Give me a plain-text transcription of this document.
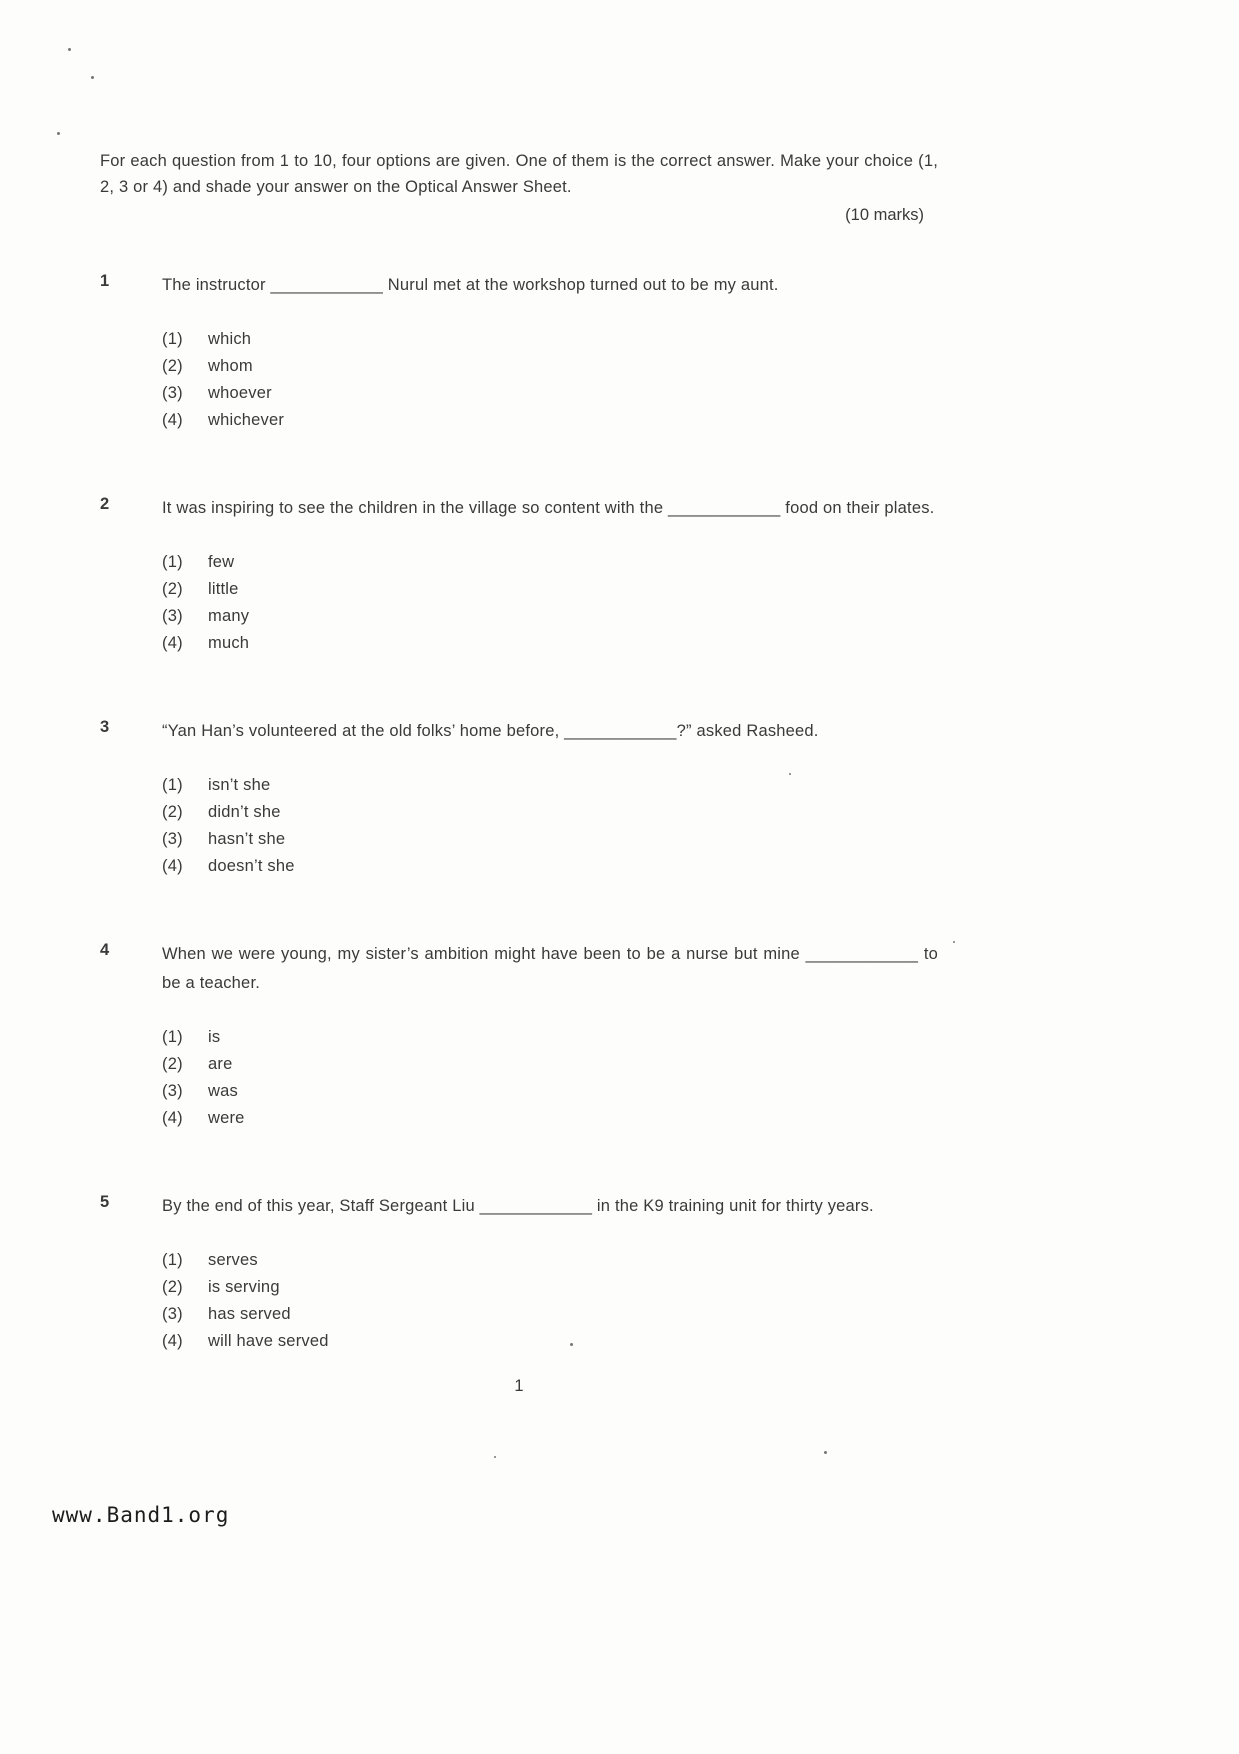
For each question from 1 to 10, four options are given. One of them is the correct answer. Make your choice (1, 2, 3 or 4) and shade your answer on the Optical Answer Sheet.

(10 marks)

1	The instructor ____________ Nurul met at the workshop turned out to be my aunt.
(1)	which
(2)	whom
(3)	whoever
(4)	whichever
2	It was inspiring to see the children in the village so content with the ____________ food on their plates.
(1)	few
(2)	little
(3)	many
(4)	much
3	“Yan Han’s volunteered at the old folks’ home before, ____________?” asked Rasheed.
(1)	isn’t she
(2)	didn’t she
(3)	hasn’t she
(4)	doesn’t she
4	When we were young, my sister’s ambition might have been to be a nurse but mine ____________ to be a teacher.
(1)	is
(2)	are
(3)	was
(4)	were
5	By the end of this year, Staff Sergeant Liu ____________ in the K9 training unit for thirty years.
(1)	serves
(2)	is serving
(3)	has served
(4)	will have served
1
www.Band1.org
